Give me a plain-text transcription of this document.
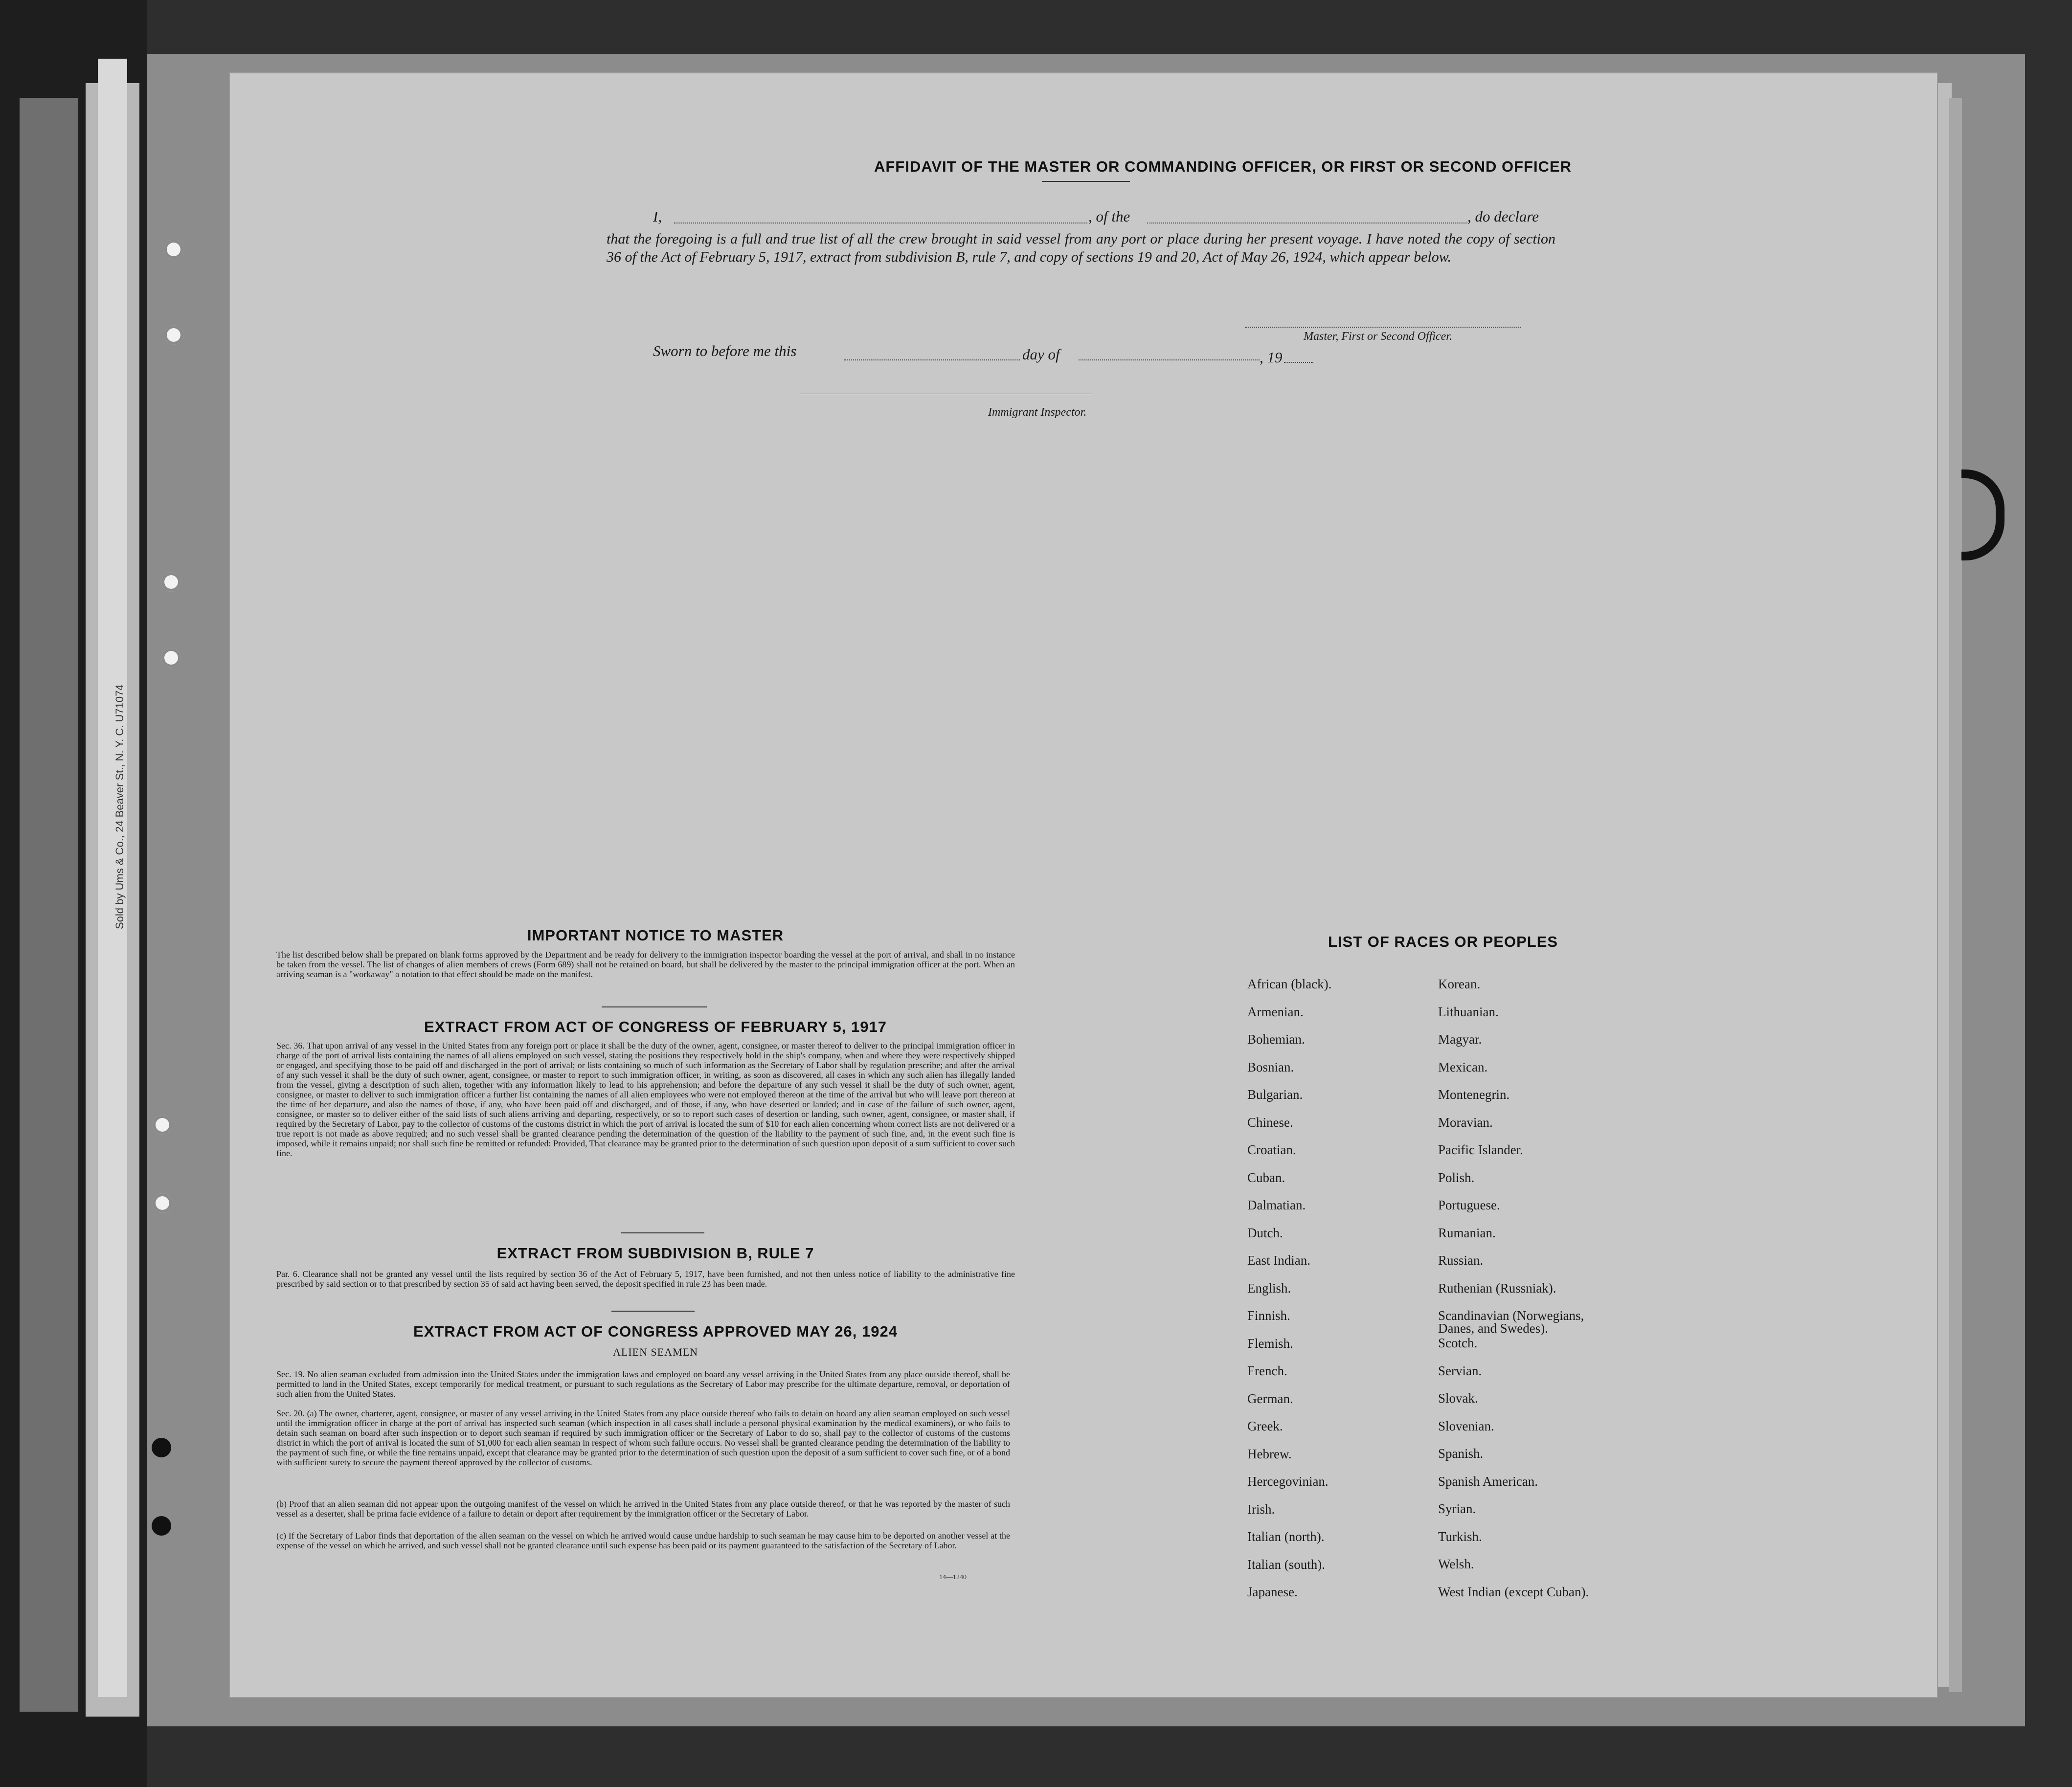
Sold by Ums & Co., 24 Beaver St., N. Y. C. U71074
AFFIDAVIT OF THE MASTER OR COMMANDING OFFICER, OR FIRST OR SECOND OFFICER
I,	, of the	, do declare
that the foregoing is a full and true list of all the crew brought in said vessel from any port or place during her present voyage. I have noted the copy of section 36 of the Act of February 5, 1917, extract from subdivision B, rule 7, and copy of sections 19 and 20, Act of May 26, 1924, which appear below.
Master, First or Second Officer.
Sworn to before me this	day of	, 19
Immigrant Inspector.
IMPORTANT NOTICE TO MASTER
The list described below shall be prepared on blank forms approved by the Department and be ready for delivery to the immigration inspector boarding the vessel at the port of arrival, and shall in no instance be taken from the vessel. The list of changes of alien members of crews (Form 689) shall not be retained on board, but shall be delivered by the master to the principal immigration officer at the port. When an arriving seaman is a "workaway" a notation to that effect should be made on the manifest.
EXTRACT FROM ACT OF CONGRESS OF FEBRUARY 5, 1917
Sec. 36. That upon arrival of any vessel in the United States from any foreign port or place it shall be the duty of the owner, agent, consignee, or master thereof to deliver to the principal immigration officer in charge of the port of arrival lists containing the names of all aliens employed on such vessel, stating the positions they respectively hold in the ship's company, when and where they were respectively shipped or engaged, and specifying those to be paid off and discharged in the port of arrival; or lists containing so much of such information as the Secretary of Labor shall by regulation prescribe; and after the arrival of any such vessel it shall be the duty of such owner, agent, consignee, or master to report to such immigration officer, in writing, as soon as discovered, all cases in which any such alien has illegally landed from the vessel, giving a description of such alien, together with any information likely to lead to his apprehension; and before the departure of any such vessel it shall be the duty of such owner, agent, consignee, or master to deliver to such immigration officer a further list containing the names of all alien employees who were not employed thereon at the time of the arrival but who will leave port thereon at the time of her departure, and also the names of those, if any, who have been paid off and discharged, and of those, if any, who have deserted or landed; and in case of the failure of such owner, agent, consignee, or master so to deliver either of the said lists of such aliens arriving and departing, respectively, or so to report such cases of desertion or landing, such owner, agent, consignee, or master shall, if required by the Secretary of Labor, pay to the collector of customs of the customs district in which the port of arrival is located the sum of $10 for each alien concerning whom correct lists are not delivered or a true report is not made as above required; and no such vessel shall be granted clearance pending the determination of the question of the liability to the payment of such fine, and, in the event such fine is imposed, while it remains unpaid; nor shall such fine be remitted or refunded: Provided, That clearance may be granted prior to the determination of such question upon deposit of a sum sufficient to cover such fine.
EXTRACT FROM SUBDIVISION B, RULE 7
Par. 6. Clearance shall not be granted any vessel until the lists required by section 36 of the Act of February 5, 1917, have been furnished, and not then unless notice of liability to the administrative fine prescribed by said section or to that prescribed by section 35 of said act having been served, the deposit specified in rule 23 has been made.
EXTRACT FROM ACT OF CONGRESS APPROVED MAY 26, 1924
ALIEN SEAMEN
Sec. 19. No alien seaman excluded from admission into the United States under the immigration laws and employed on board any vessel arriving in the United States from any place outside thereof, shall be permitted to land in the United States, except temporarily for medical treatment, or pursuant to such regulations as the Secretary of Labor may prescribe for the ultimate departure, removal, or deportation of such alien from the United States.
Sec. 20. (a) The owner, charterer, agent, consignee, or master of any vessel arriving in the United States from any place outside thereof who fails to detain on board any alien seaman employed on such vessel until the immigration officer in charge at the port of arrival has inspected such seaman (which inspection in all cases shall include a personal physical examination by the medical examiners), or who fails to detain such seaman on board after such inspection or to deport such seaman if required by such immigration officer or the Secretary of Labor to do so, shall pay to the collector of customs of the customs district in which the port of arrival is located the sum of $1,000 for each alien seaman in respect of whom such failure occurs. No vessel shall be granted clearance pending the determination of the liability to the payment of such fine, or while the fine remains unpaid, except that clearance may be granted prior to the determination of such question upon the deposit of a sum sufficient to cover such fine, or of a bond with sufficient surety to secure the payment thereof approved by the collector of customs.
(b) Proof that an alien seaman did not appear upon the outgoing manifest of the vessel on which he arrived in the United States from any place outside thereof, or that he was reported by the master of such vessel as a deserter, shall be prima facie evidence of a failure to detain or deport after requirement by the immigration officer or the Secretary of Labor.
(c) If the Secretary of Labor finds that deportation of the alien seaman on the vessel on which he arrived would cause undue hardship to such seaman he may cause him to be deported on another vessel at the expense of the vessel on which he arrived, and such vessel shall not be granted clearance until such expense has been paid or its payment guaranteed to the satisfaction of the Secretary of Labor.
14—1240
LIST OF RACES OR PEOPLES
African (black).
Armenian.
Bohemian.
Bosnian.
Bulgarian.
Chinese.
Croatian.
Cuban.
Dalmatian.
Dutch.
East Indian.
English.
Finnish.
Flemish.
French.
German.
Greek.
Hebrew.
Hercegovinian.
Irish.
Italian (north).
Italian (south).
Japanese.
Korean.
Lithuanian.
Magyar.
Mexican.
Montenegrin.
Moravian.
Pacific Islander.
Polish.
Portuguese.
Rumanian.
Russian.
Ruthenian (Russniak).
Scandinavian (Norwegians,
Danes, and Swedes).
Scotch.
Servian.
Slovak.
Slovenian.
Spanish.
Spanish American.
Syrian.
Turkish.
Welsh.
West Indian (except Cuban).
